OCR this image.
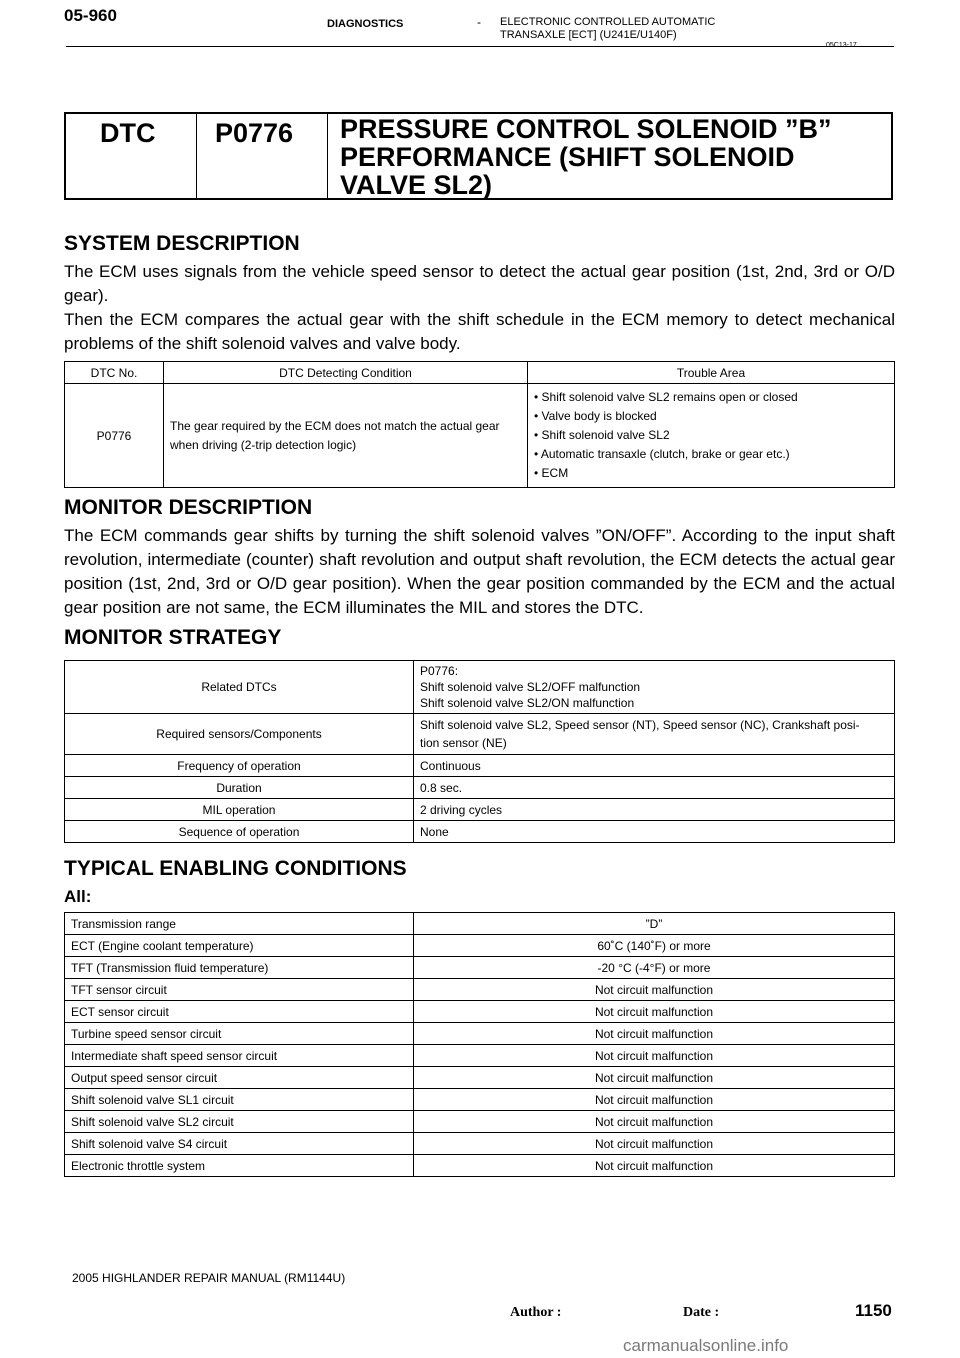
05-960	DIAGNOSTICS	- ELECTRONIC CONTROLLED AUTOMATIC
TRANSAXLE [ECT] (U241E/U140F)
05C13-17
DTC P0776 PRESSURE CONTROL SOLENOID ”B” PERFORMANCE (SHIFT SOLENOID VALVE SL2)
SYSTEM DESCRIPTION
The ECM uses signals from the vehicle speed sensor to detect the actual gear position (1st, 2nd, 3rd or O/D gear).
Then the ECM compares the actual gear with the shift schedule in the ECM memory to detect mechanical problems of the shift solenoid valves and valve body.
DTC No.	DTC Detecting Condition	Trouble Area
P0776	The gear required by the ECM does not match the actual gear when driving (2-trip detection logic)	• Shift solenoid valve SL2 remains open or closed
• Valve body is blocked
• Shift solenoid valve SL2
• Automatic transaxle (clutch, brake or gear etc.)
• ECM
MONITOR DESCRIPTION
The ECM commands gear shifts by turning the shift solenoid valves ”ON/OFF”. According to the input shaft revolution, intermediate (counter) shaft revolution and output shaft revolution, the ECM detects the actual gear position (1st, 2nd, 3rd or O/D gear position). When the gear position commanded by the ECM and the actual gear position are not same, the ECM illuminates the MIL and stores the DTC.
MONITOR STRATEGY
Related DTCs	P0776:
Shift solenoid valve SL2/OFF malfunction
Shift solenoid valve SL2/ON malfunction

Required sensors/Components	Shift solenoid valve SL2, Speed sensor (NT), Speed sensor (NC), Crankshaft posi-
tion sensor (NE)

Frequency of operation	Continuous
Duration	0.8 sec.
MIL operation	2 driving cycles
Sequence of operation	None
TYPICAL ENABLING CONDITIONS
All:
Transmission range	”D”
ECT (Engine coolant temperature)	60˚C (140˚F) or more
TFT (Transmission fluid temperature)	-20 °C (-4°F) or more
TFT sensor circuit	Not circuit malfunction
ECT sensor circuit	Not circuit malfunction
Turbine speed sensor circuit	Not circuit malfunction
Intermediate shaft speed sensor circuit	Not circuit malfunction
Output speed sensor circuit	Not circuit malfunction
Shift solenoid valve SL1 circuit	Not circuit malfunction
Shift solenoid valve SL2 circuit	Not circuit malfunction
Shift solenoid valve S4 circuit	Not circuit malfunction
Electronic throttle system	Not circuit malfunction
2005 HIGHLANDER REPAIR MANUAL (RM1144U)
Author :	Date :	1150
carmanualsonline.info
